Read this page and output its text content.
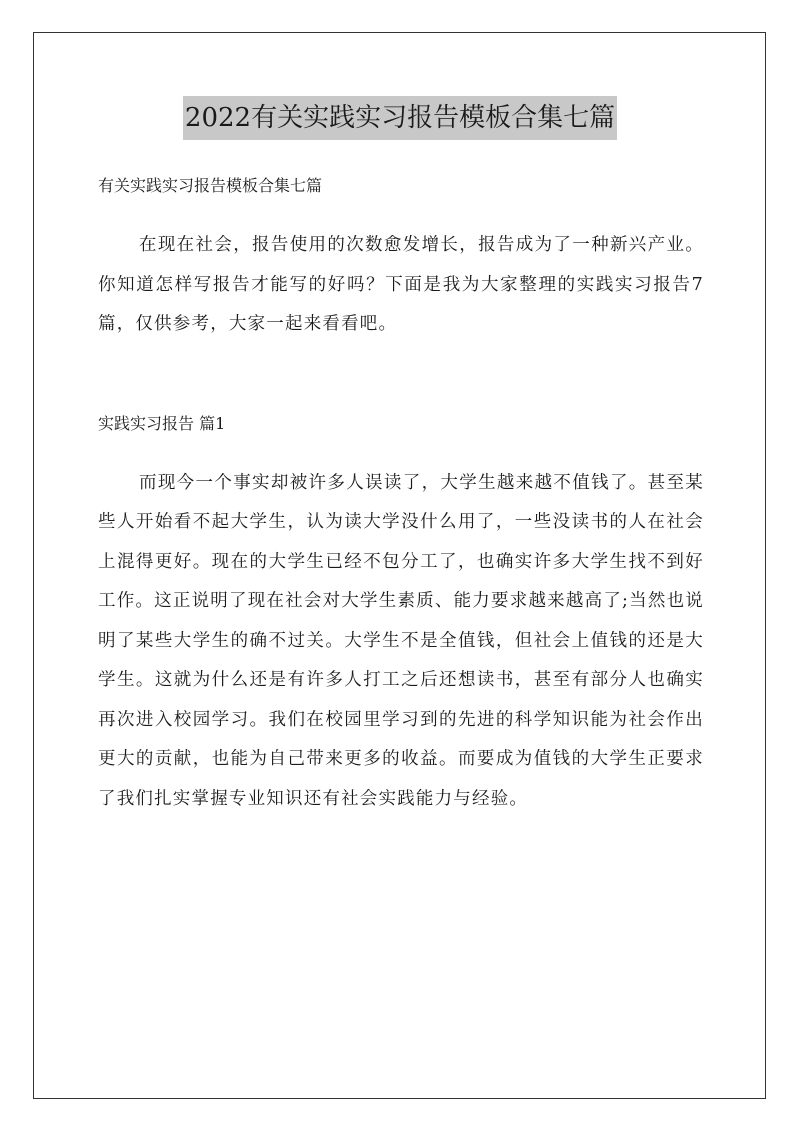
2022有关实践实习报告模板合集七篇

有关实践实习报告模板合集七篇

在现在社会，报告使用的次数愈发增长，报告成为了一种新兴产业。你知道怎样写报告才能写的好吗？下面是我为大家整理的实践实习报告7篇，仅供参考，大家一起来看看吧。

实践实习报告 篇1

而现今一个事实却被许多人误读了，大学生越来越不值钱了。甚至某些人开始看不起大学生，认为读大学没什么用了，一些没读书的人在社会上混得更好。现在的大学生已经不包分工了，也确实许多大学生找不到好工作。这正说明了现在社会对大学生素质、能力要求越来越高了;当然也说明了某些大学生的确不过关。大学生不是全值钱，但社会上值钱的还是大学生。这就为什么还是有许多人打工之后还想读书，甚至有部分人也确实再次进入校园学习。我们在校园里学习到的先进的科学知识能为社会作出更大的贡献，也能为自己带来更多的收益。而要成为值钱的大学生正要求了我们扎实掌握专业知识还有社会实践能力与经验。
